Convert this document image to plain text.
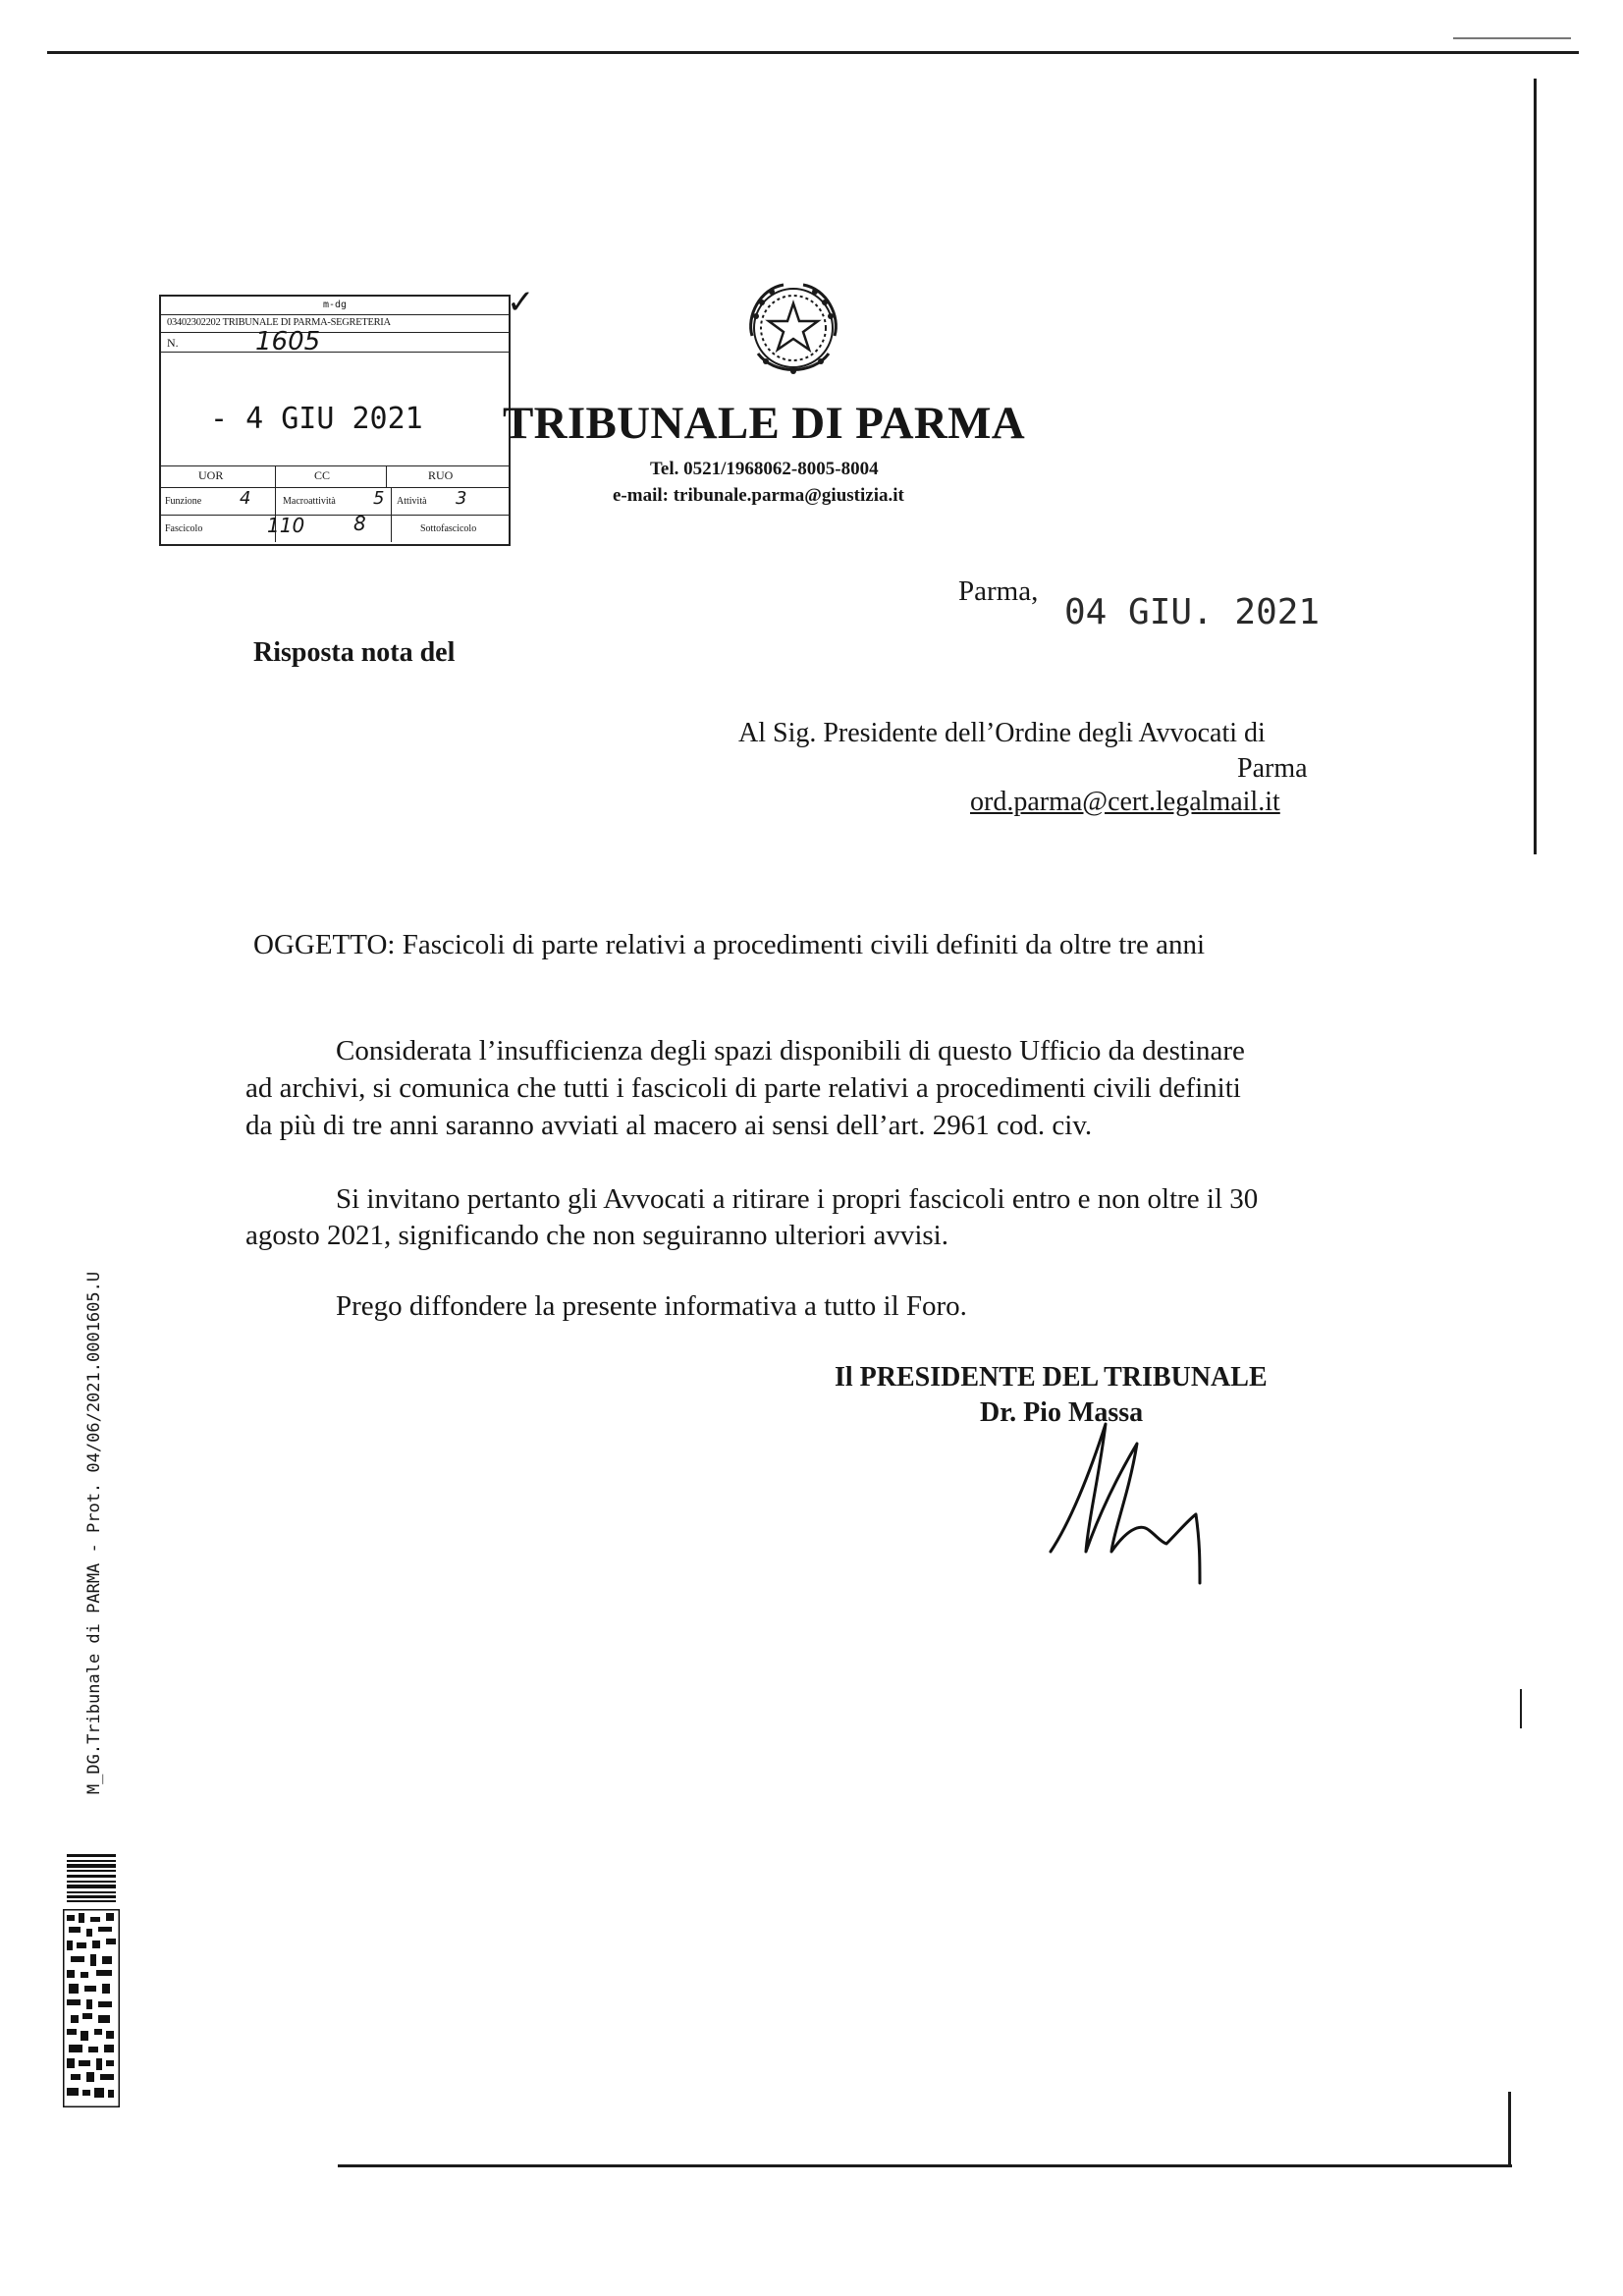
m-dg
03402302202 TRIBUNALE DI PARMA-SEGRETERIA
N.	1605
- 4 GIU 2021
UOR	CC	RUO
Funzione	4	Macroattività	5	Attività	3
Fascicolo	110	8	Sottofascicolo
✓
TRIBUNALE DI PARMA
Tel. 0521/1968062-8005-8004
e-mail: tribunale.parma@giustizia.it
Parma,
04 GIU. 2021
Risposta nota del
Al Sig. Presidente dell’Ordine degli Avvocati di
Parma
ord.parma@cert.legalmail.it
OGGETTO: Fascicoli di parte relativi a procedimenti civili definiti da oltre tre anni
Considerata l’insufficienza degli spazi disponibili di questo Ufficio da destinare
ad archivi, si comunica che tutti i fascicoli di parte relativi a procedimenti civili definiti
da più di tre anni saranno avviati al macero ai sensi dell’art. 2961 cod. civ.
Si invitano pertanto gli Avvocati a ritirare i propri fascicoli entro e non oltre il 30
agosto 2021, significando che non seguiranno ulteriori avvisi.
Prego diffondere la presente informativa a tutto il Foro.
Il PRESIDENTE DEL TRIBUNALE
Dr. Pio Massa
M_DG.Tribunale di PARMA - Prot. 04/06/2021.0001605.U
